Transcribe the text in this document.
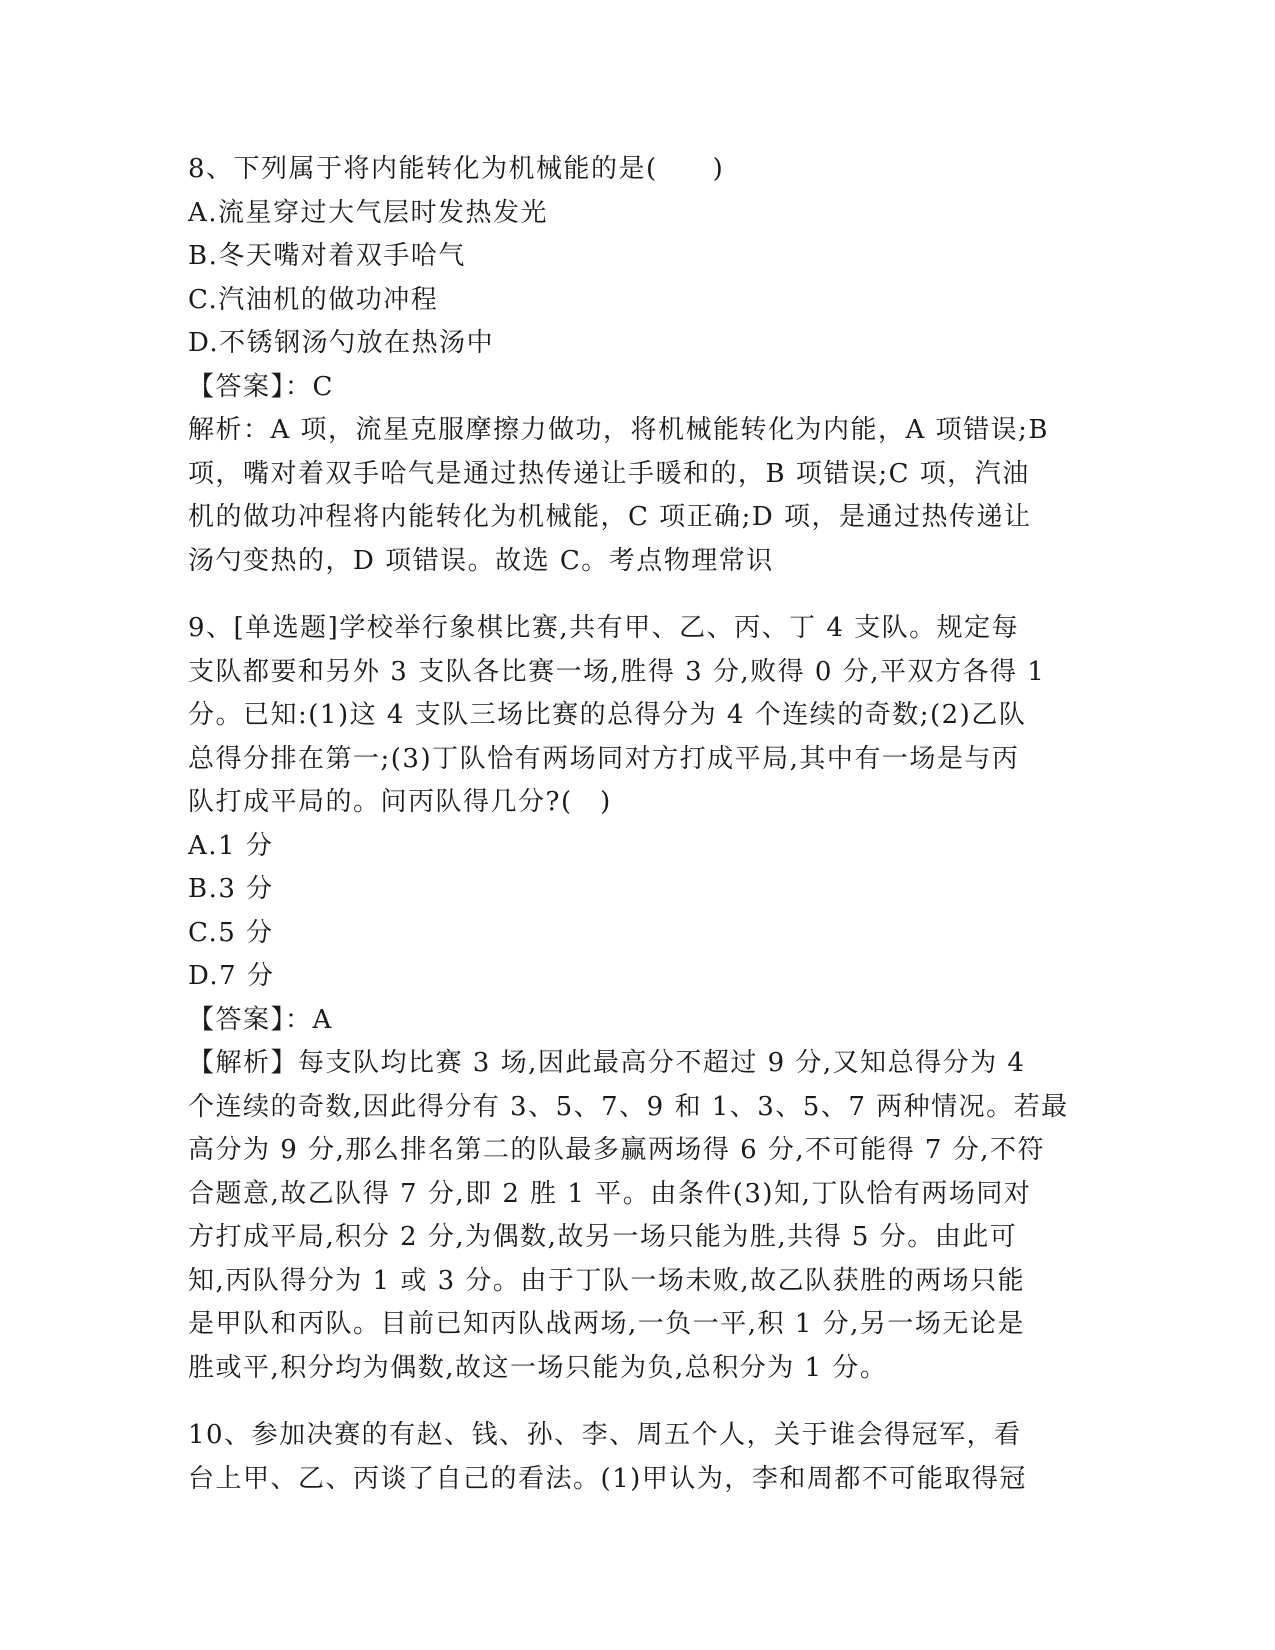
8、下列属于将内能转化为机械能的是(　　)
A.流星穿过大气层时发热发光
B.冬天嘴对着双手哈气
C.汽油机的做功冲程
D.不锈钢汤勺放在热汤中
【答案】：C
解析：A 项，流星克服摩擦力做功，将机械能转化为内能，A 项错误;B
项，嘴对着双手哈气是通过热传递让手暖和的，B 项错误;C 项，汽油
机的做功冲程将内能转化为机械能，C 项正确;D 项，是通过热传递让
汤勺变热的，D 项错误。故选 C。考点物理常识
9、[单选题]学校举行象棋比赛,共有甲、乙、丙、丁 4 支队。规定每
支队都要和另外 3 支队各比赛一场,胜得 3 分,败得 0 分,平双方各得 1
分。已知:(1)这 4 支队三场比赛的总得分为 4 个连续的奇数;(2)乙队
总得分排在第一;(3)丁队恰有两场同对方打成平局,其中有一场是与丙
队打成平局的。问丙队得几分?(　)
A.1 分
B.3 分
C.5 分
D.7 分
【答案】：A
【解析】每支队均比赛 3 场,因此最高分不超过 9 分,又知总得分为 4
个连续的奇数,因此得分有 3、5、7、9 和 1、3、5、7 两种情况。若最
高分为 9 分,那么排名第二的队最多赢两场得 6 分,不可能得 7 分,不符
合题意,故乙队得 7 分,即 2 胜 1 平。由条件(3)知,丁队恰有两场同对
方打成平局,积分 2 分,为偶数,故另一场只能为胜,共得 5 分。由此可
知,丙队得分为 1 或 3 分。由于丁队一场未败,故乙队获胜的两场只能
是甲队和丙队。目前已知丙队战两场,一负一平,积 1 分,另一场无论是
胜或平,积分均为偶数,故这一场只能为负,总积分为 1 分。
10、参加决赛的有赵、钱、孙、李、周五个人，关于谁会得冠军，看
台上甲、乙、丙谈了自己的看法。(1)甲认为，李和周都不可能取得冠
